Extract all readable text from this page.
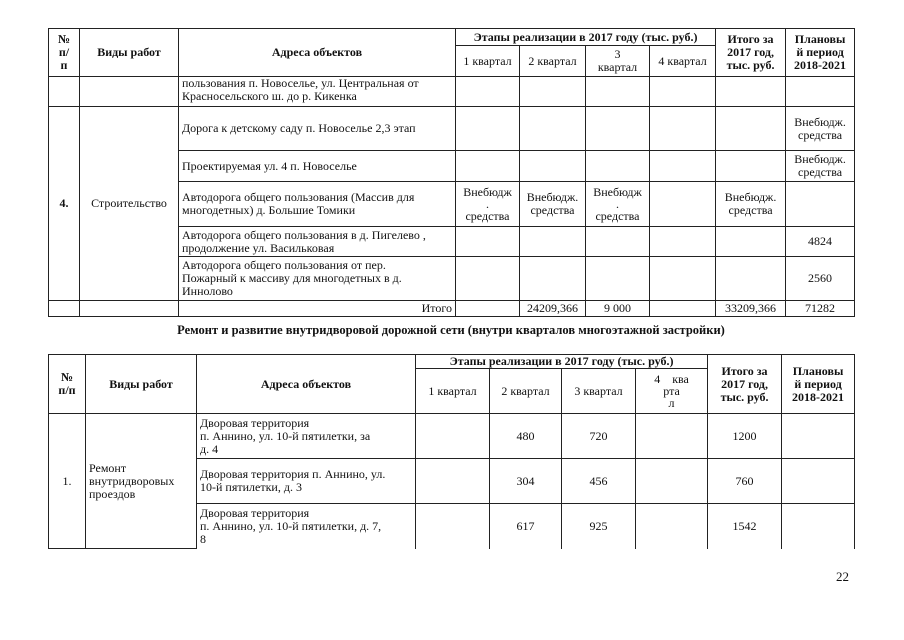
№
п/
п	Виды работ	Адреса объектов	Этапы реализации в 2017 году (тыс. руб.)				Итого за
2017 год,
тыс. руб.	Плановы
й период
2018-2021
			1 квартал	2 квартал	3
квартал	4 квартал		
		пользования п. Новоселье, ул. Центральная от
Красносельского ш. до р. Кикенка						
4.	Строительство	Дорога к детскому саду п. Новоселье 2,3 этап						Внебюдж.
средства
		Проектируемая ул. 4 п. Новоселье						Внебюдж.
средства
		Автодорога общего пользования (Массив для
многодетных) д. Большие Томики	Внебюдж
.
средства	Внебюдж.
средства	Внебюдж
.
средства		Внебюдж.
средства	
		Автодорога общего пользования в д. Пигелево ,
продолжение ул. Васильковая						4824
		Автодорога общего пользования от пер.
Пожарный к массиву для многодетных в д.
Иннолово						2560
		Итого		24209,366	9 000		33209,366	71282
Ремонт и развитие внутридворовой дорожной сети (внутри кварталов многоэтажной застройки)
№
п/п	Виды работ	Адреса объектов	Этапы реализации в 2017 году (тыс. руб.)				Итого за
2017 год,
тыс. руб.	Плановы
й период
2018-2021
			1 квартал	2 квартал	3 квартал	4    ква
рта
л		
1.	Ремонт
внутридворовых
проездов	Дворовая территория
п. Аннино, ул. 10-й пятилетки, за
д. 4		480	720		1200	
		Дворовая территория п. Аннино, ул.
10-й пятилетки, д. 3		304	456		760	
		Дворовая территория
п. Аннино, ул. 10-й пятилетки, д. 7,
8		617	925		1542	
22
